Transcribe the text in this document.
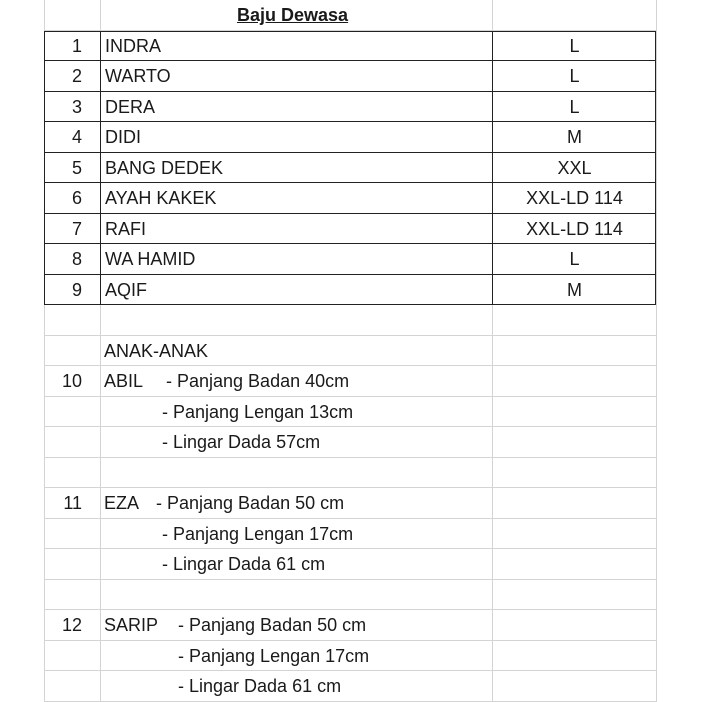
Baju Dewasa
1	INDRA	L
2	WARTO	L
3	DERA	L
4	DIDI	M
5	BANG DEDEK	XXL
6	AYAH KAKEK	XXL-LD 114
7	RAFI	XXL-LD 114
8	WA HAMID	L
9	AQIF	M
ANAK-ANAK
10	ABIL - Panjang Badan 40cm
- Panjang Lengan 13cm
- Lingar Dada 57cm
11	EZA - Panjang Badan 50 cm
- Panjang Lengan 17cm
- Lingar Dada 61 cm
12	SARIP - Panjang Badan 50 cm
- Panjang Lengan 17cm
- Lingar Dada 61 cm
